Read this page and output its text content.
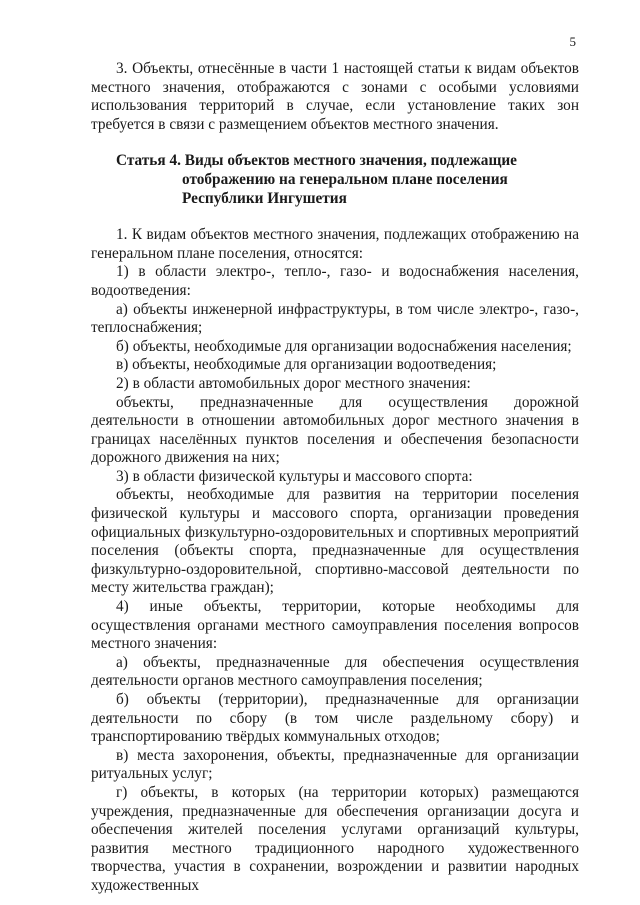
5

3. Объекты, отнесённые в части 1 настоящей статьи к видам объектов местного значения, отображаются с зонами с особыми условиями использования территорий в случае, если установление таких зон требуется в связи с размещением объектов местного значения.

Статья 4. Виды объектов местного значения, подлежащие
отображению на генеральном плане поселения
Республики Ингушетия

1. К видам объектов местного значения, подлежащих отображению на генеральном плане поселения, относятся:

1) в области электро-, тепло-, газо- и водоснабжения населения, водоотведения:

а) объекты инженерной инфраструктуры, в том числе электро-, газо-, теплоснабжения;

б) объекты, необходимые для организации водоснабжения населения;

в) объекты, необходимые для организации водоотведения;

2) в области автомобильных дорог местного значения:

объекты, предназначенные для осуществления дорожной деятельности в отношении автомобильных дорог местного значения в границах населённых пунктов поселения и обеспечения безопасности дорожного движения на них;

3) в области физической культуры и массового спорта:

объекты, необходимые для развития на территории поселения физической культуры и массового спорта, организации проведения официальных физкультурно-оздоровительных и спортивных мероприятий поселения (объекты спорта, предназначенные для осуществления физкультурно-оздоровительной, спортивно-массовой деятельности по месту жительства граждан);

4) иные объекты, территории, которые необходимы для осуществления органами местного самоуправления поселения вопросов местного значения:

а) объекты, предназначенные для обеспечения осуществления деятельности органов местного самоуправления поселения;

б) объекты (территории), предназначенные для организации деятельности по сбору (в том числе раздельному сбору) и транспортированию твёрдых коммунальных отходов;

в) места захоронения, объекты, предназначенные для организации ритуальных услуг;

г) объекты, в которых (на территории которых) размещаются учреждения, предназначенные для обеспечения организации досуга и обеспечения жителей поселения услугами организаций культуры, развития местного традиционного народного художественного творчества, участия в сохранении, возрождении и развитии народных художественных
